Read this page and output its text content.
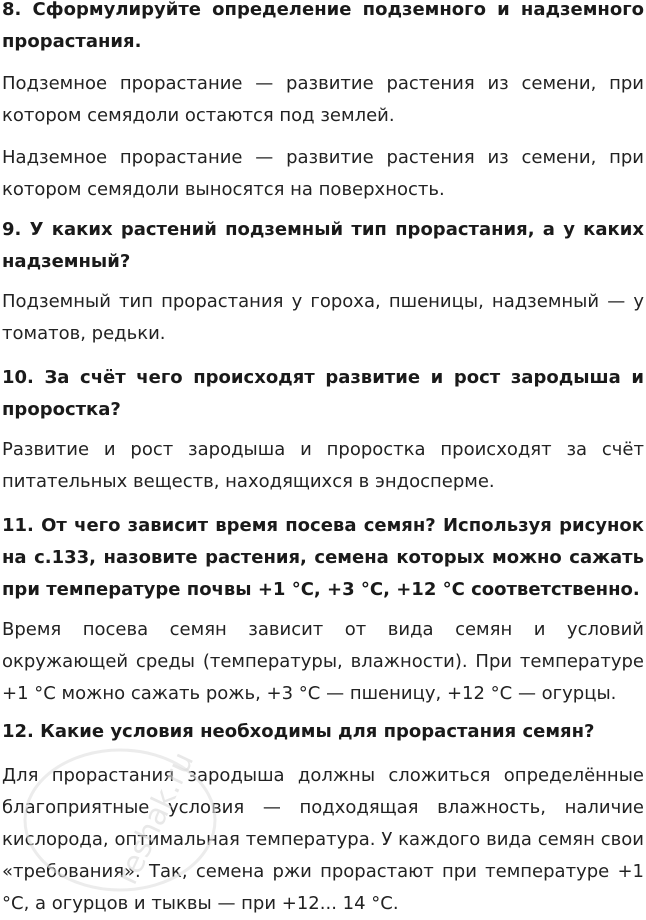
8. Сформулируйте определение подземного и надземного прорастания.

Подземное прорастание — развитие растения из семени, при котором семядоли остаются под землей.

Надземное прорастание — развитие растения из семени, при котором семядоли выносятся на поверхность.

9. У каких растений подземный тип прорастания, а у каких надземный?

Подземный тип прорастания у гороха, пшеницы, надземный — у томатов, редьки.

10. За счёт чего происходят развитие и рост зародыша и проростка?

Развитие и рост зародыша и проростка происходят за счёт питательных веществ, находящихся в эндосперме.

11. От чего зависит время посева семян? Используя рисунок на с.133, назовите растения, семена которых можно сажать при температуре почвы +1 °С, +3 °С, +12 °С соответственно.

Время посева семян зависит от вида семян и условий окружающей среды (температуры, влажности). При температуре +1 °С можно сажать рожь, +3 °С — пшеницу, +12 °С — огурцы.

12. Какие условия необходимы для прорастания семян?

Для прорастания зародыша должны сложиться определённые благоприятные условия — подходящая влажность, наличие кислорода, оптимальная температура. У каждого вида семян свои «требования». Так, семена ржи прорастают при температуре +1 °С, а огурцов и тыквы — при +12... 14 °С.

reshak.ru
